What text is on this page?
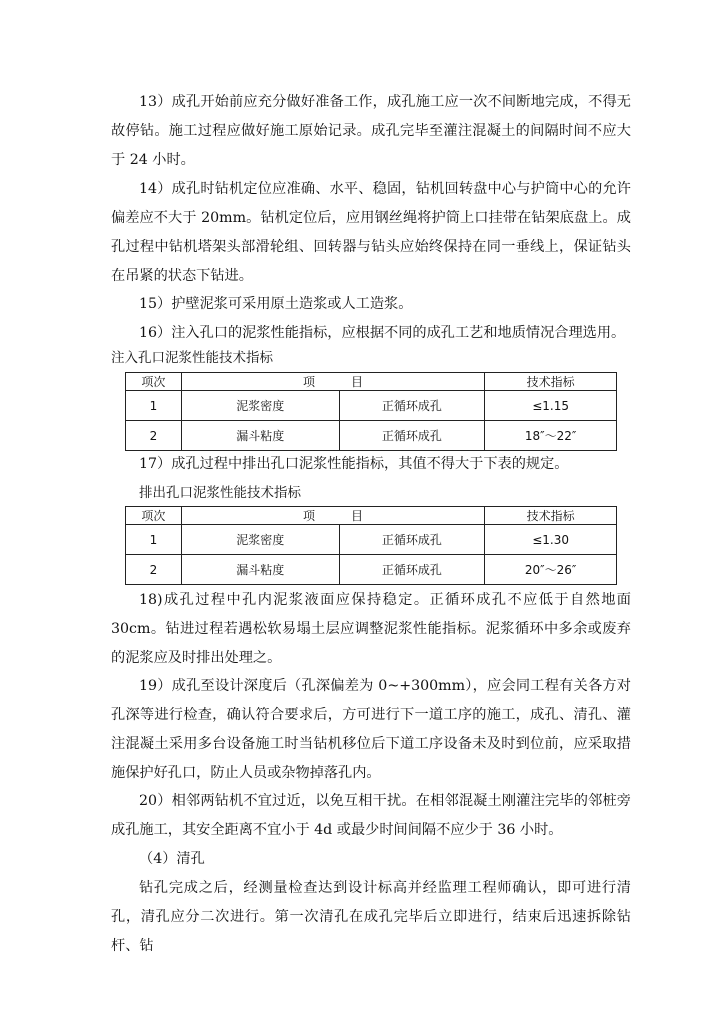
13）成孔开始前应充分做好准备工作，成孔施工应一次不间断地完成，不得无故停钻。施工过程应做好施工原始记录。成孔完毕至灌注混凝土的间隔时间不应大于 24 小时。
14）成孔时钻机定位应准确、水平、稳固，钻机回转盘中心与护筒中心的允许偏差应不大于 20mm。钻机定位后，应用钢丝绳将护筒上口挂带在钻架底盘上。成孔过程中钻机塔架头部滑轮组、回转器与钻头应始终保持在同一垂线上，保证钻头在吊紧的状态下钻进。
15）护壁泥浆可采用原土造浆或人工造浆。
16）注入孔口的泥浆性能指标，应根据不同的成孔工艺和地质情况合理选用。
注入孔口泥浆性能技术指标
项次	项　　　目		技术指标
1	泥浆密度	正循环成孔	≤1.15
2	漏斗粘度	正循环成孔	18″～22″
17）成孔过程中排出孔口泥浆性能指标，其值不得大于下表的规定。
排出孔口泥浆性能技术指标
项次	项　　　目		技术指标
1	泥浆密度	正循环成孔	≤1.30
2	漏斗粘度	正循环成孔	20″～26″
18)成孔过程中孔内泥浆液面应保持稳定。正循环成孔不应低于自然地面 30cm。钻进过程若遇松软易塌土层应调整泥浆性能指标。泥浆循环中多余或废弃的泥浆应及时排出处理之。
19）成孔至设计深度后（孔深偏差为 0~+300mm），应会同工程有关各方对孔深等进行检查，确认符合要求后，方可进行下一道工序的施工，成孔、清孔、灌注混凝土采用多台设备施工时当钻机移位后下道工序设备未及时到位前，应采取措施保护好孔口，防止人员或杂物掉落孔内。
20）相邻两钻机不宜过近，以免互相干扰。在相邻混凝土刚灌注完毕的邻桩旁成孔施工，其安全距离不宜小于 4d 或最少时间间隔不应少于 36 小时。
（4）清孔
钻孔完成之后，经测量检查达到设计标高并经监理工程师确认，即可进行清孔，清孔应分二次进行。第一次清孔在成孔完毕后立即进行，结束后迅速拆除钻杆、钻
